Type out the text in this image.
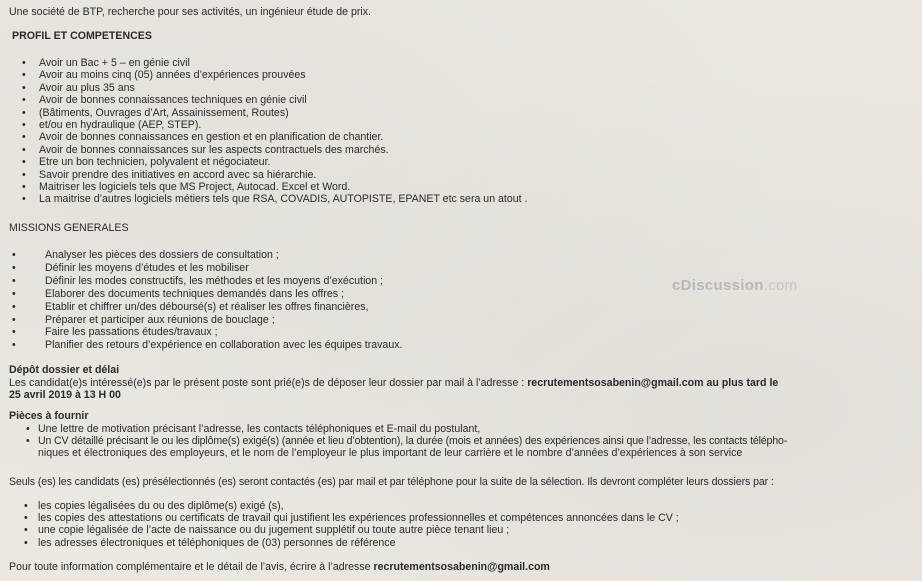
Une société de BTP, recherche pour ses activités, un ingénieur étude de prix.
PROFIL ET COMPETENCES
• Avoir un Bac + 5 – en génie civil
• Avoir au moins cinq (05) années d’expériences prouvées
• Avoir au plus 35 ans
• Avoir de bonnes connaissances techniques en génie civil
• (Bâtiments, Ouvrages d’Art, Assainissement, Routes)
• et/ou en hydraulique (AEP, STEP).
• Avoir de bonnes connaissances en gestion et en planification de chantier.
• Avoir de bonnes connaissances sur les aspects contractuels des marchés.
• Etre un bon technicien, polyvalent et négociateur.
• Savoir prendre des initiatives en accord avec sa hiérarchie.
• Maitriser les logiciels tels que MS Project, Autocad. Excel et Word.
• La maitrise d’autres logiciels métiers tels que RSA, COVADIS, AUTOPISTE, EPANET etc sera un atout .
MISSIONS GENERALES
•	Analyser les pièces des dossiers de consultation ;
•	Définir les moyens d’études et les mobiliser
•	Définir les modes constructifs, les méthodes et les moyens d’exécution ;
•	Elaborer des documents techniques demandés dans les offres ;
•	Etablir et chiffrer un/des déboursé(s) et réaliser les offres financières,
•	Préparer et participer aux réunions de bouclage ;
•	Faire les passations études/travaux ;
•	Planifier des retours d’expérience en collaboration avec les équipes travaux.
Dépôt dossier et délai
Les candidat(e)s intéressé(e)s par le présent poste sont prié(e)s de déposer leur dossier par mail à l’adresse : recrutementsosabenin@gmail.com au plus tard le
25 avril 2019 à 13 H 00
Pièces à fournir
• Une lettre de motivation précisant l’adresse, les contacts téléphoniques et E-mail du postulant,
• Un CV détaillé précisant le ou les diplôme(s) exigé(s) (année et lieu d’obtention), la durée (mois et années) des expériences ainsi que l’adresse, les contacts télépho-
niques et électroniques des employeurs, et le nom de l’employeur le plus important de leur carrière et le nombre d’années d’expériences à son service
Seuls (es) les candidats (es) présélectionnés (es) seront contactés (es) par mail et par téléphone pour la suite de la sélection. Ils devront compléter leurs dossiers par :
• les copies légalisées du ou des diplôme(s) exigé (s),
• les copies des attestations ou certificats de travail qui justifient les expériences professionnelles et compétences annoncées dans le CV ;
• une copie légalisée de l’acte de naissance ou du jugement supplétif ou toute autre pièce tenant lieu ;
• les adresses électroniques et téléphoniques de (03) personnes de référence
Pour toute information complémentaire et le détail de l’avis, écrire à l’adresse recrutementsosabenin@gmail.com
cDiscussion.com
